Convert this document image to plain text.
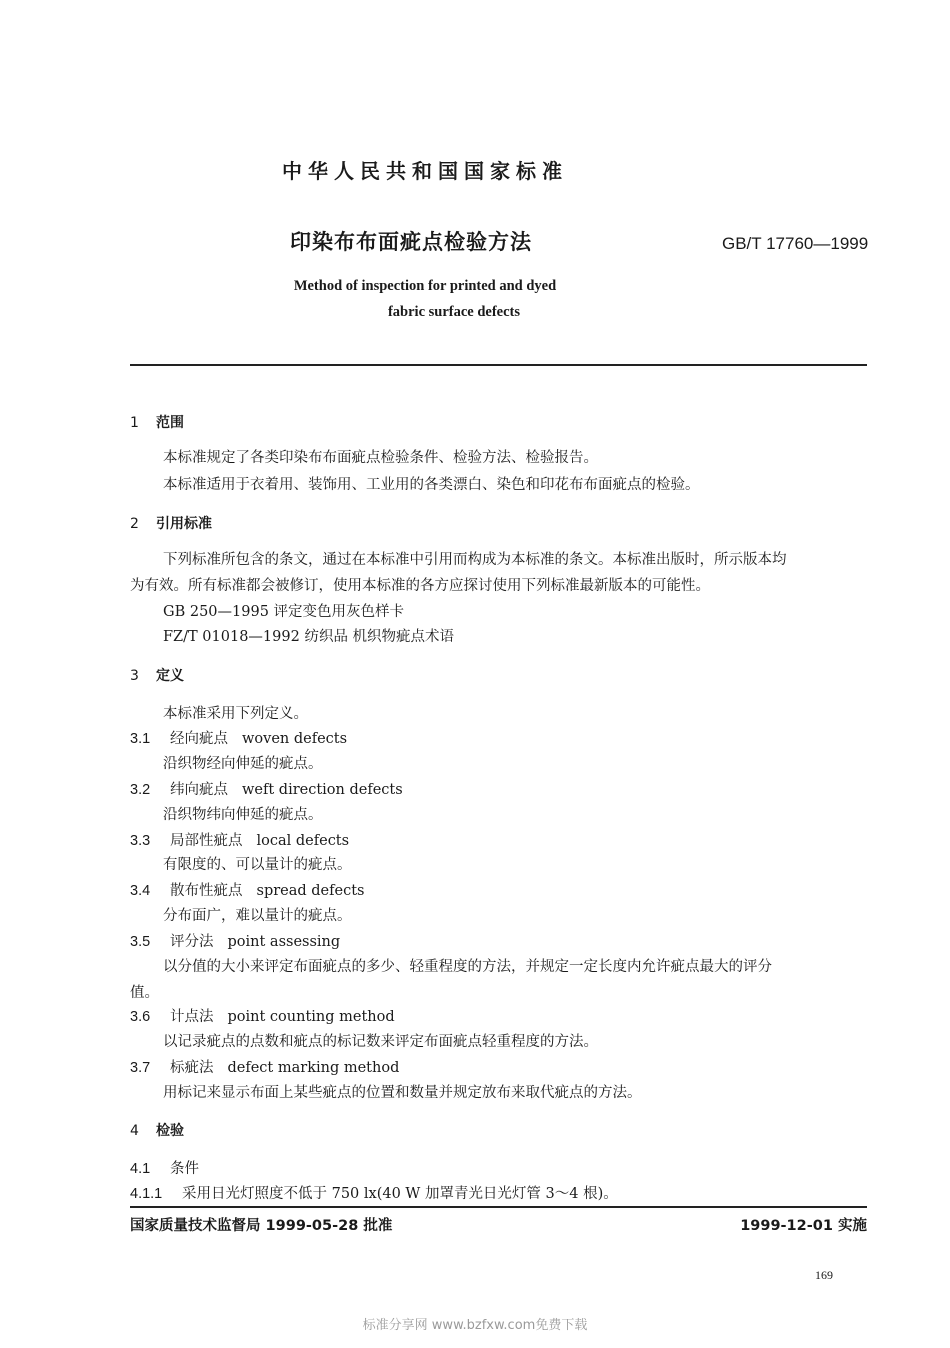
中华人民共和国国家标准
印染布布面疵点检验方法	GB/T 17760—1999
Method of inspection for printed and dyed
fabric surface defects
1 范围
本标准规定了各类印染布布面疵点检验条件、检验方法、检验报告。
本标准适用于衣着用、装饰用、工业用的各类漂白、染色和印花布布面疵点的检验。
2 引用标准
下列标准所包含的条文，通过在本标准中引用而构成为本标准的条文。本标准出版时，所示版本均
为有效。所有标准都会被修订，使用本标准的各方应探讨使用下列标准最新版本的可能性。
GB 250—1995 评定变色用灰色样卡
FZ/T 01018—1992 纺织品 机织物疵点术语
3 定义
本标准采用下列定义。
3.1 经向疵点 woven defects
沿织物经向伸延的疵点。
3.2 纬向疵点 weft direction defects
沿织物纬向伸延的疵点。
3.3 局部性疵点 local defects
有限度的、可以量计的疵点。
3.4 散布性疵点 spread defects
分布面广，难以量计的疵点。
3.5 评分法 point assessing
以分值的大小来评定布面疵点的多少、轻重程度的方法，并规定一定长度内允许疵点最大的评分
值。
3.6 计点法 point counting method
以记录疵点的点数和疵点的标记数来评定布面疵点轻重程度的方法。
3.7 标疵法 defect marking method
用标记来显示布面上某些疵点的位置和数量并规定放布来取代疵点的方法。
4 检验
4.1 条件
4.1.1 采用日光灯照度不低于 750 lx(40 W 加罩青光日光灯管 3～4 根)。
国家质量技术监督局 1999-05-28 批准	1999-12-01 实施
169
标准分享网 www.bzfxw.com免费下载
